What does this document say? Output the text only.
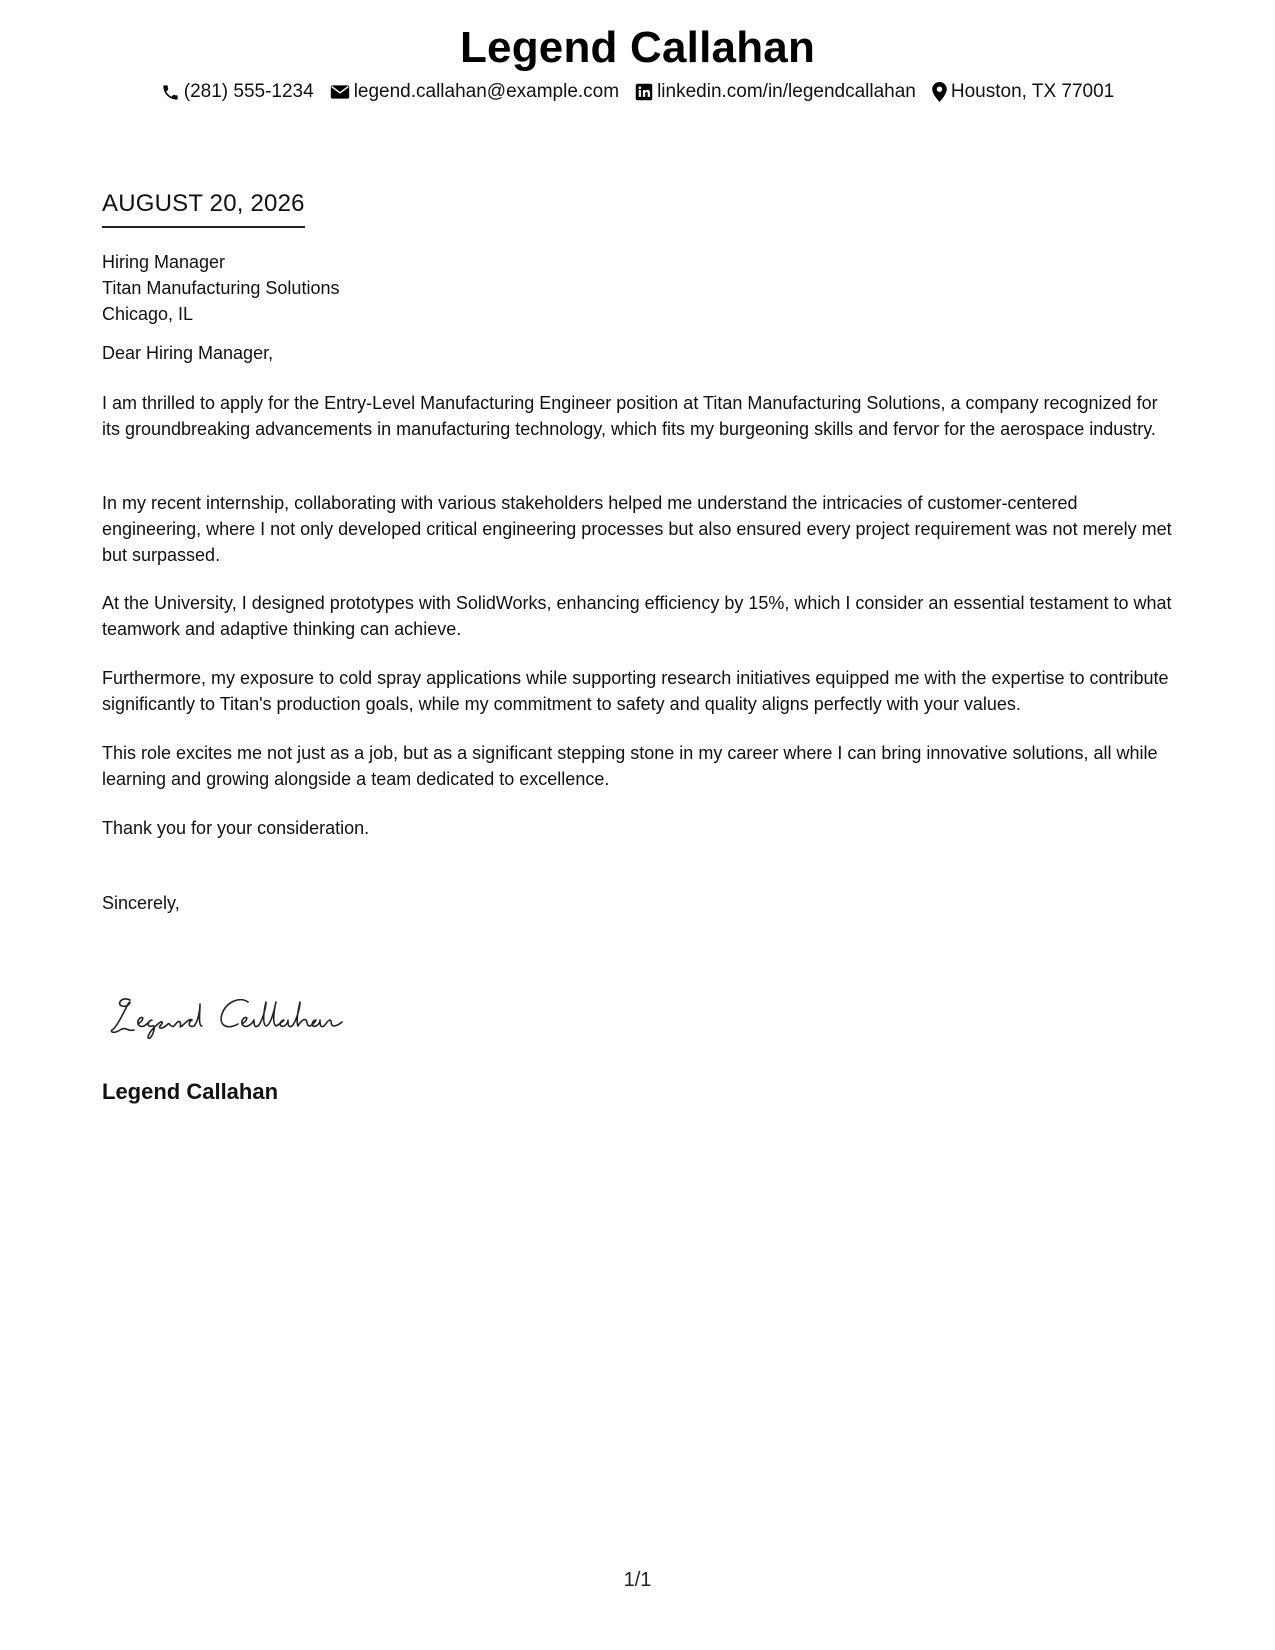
Legend Callahan
(281) 555-1234 legend.callahan@example.com linkedin.com/in/legendcallahan Houston, TX 77001
AUGUST 20, 2026
Hiring Manager
Titan Manufacturing Solutions
Chicago, IL
Dear Hiring Manager,

I am thrilled to apply for the Entry-Level Manufacturing Engineer position at Titan Manufacturing Solutions, a company recognized for its groundbreaking advancements in manufacturing technology, which fits my burgeoning skills and fervor for the aerospace industry.

In my recent internship, collaborating with various stakeholders helped me understand the intricacies of customer-centered engineering, where I not only developed critical engineering processes but also ensured every project requirement was not merely met but surpassed.

At the University, I designed prototypes with SolidWorks, enhancing efficiency by 15%, which I consider an essential testament to what teamwork and adaptive thinking can achieve.

Furthermore, my exposure to cold spray applications while supporting research initiatives equipped me with the expertise to contribute significantly to Titan's production goals, while my commitment to safety and quality aligns perfectly with your values.

This role excites me not just as a job, but as a significant stepping stone in my career where I can bring innovative solutions, all while learning and growing alongside a team dedicated to excellence.

Thank you for your consideration.
Sincerely,
Legend Callahan
1/1
